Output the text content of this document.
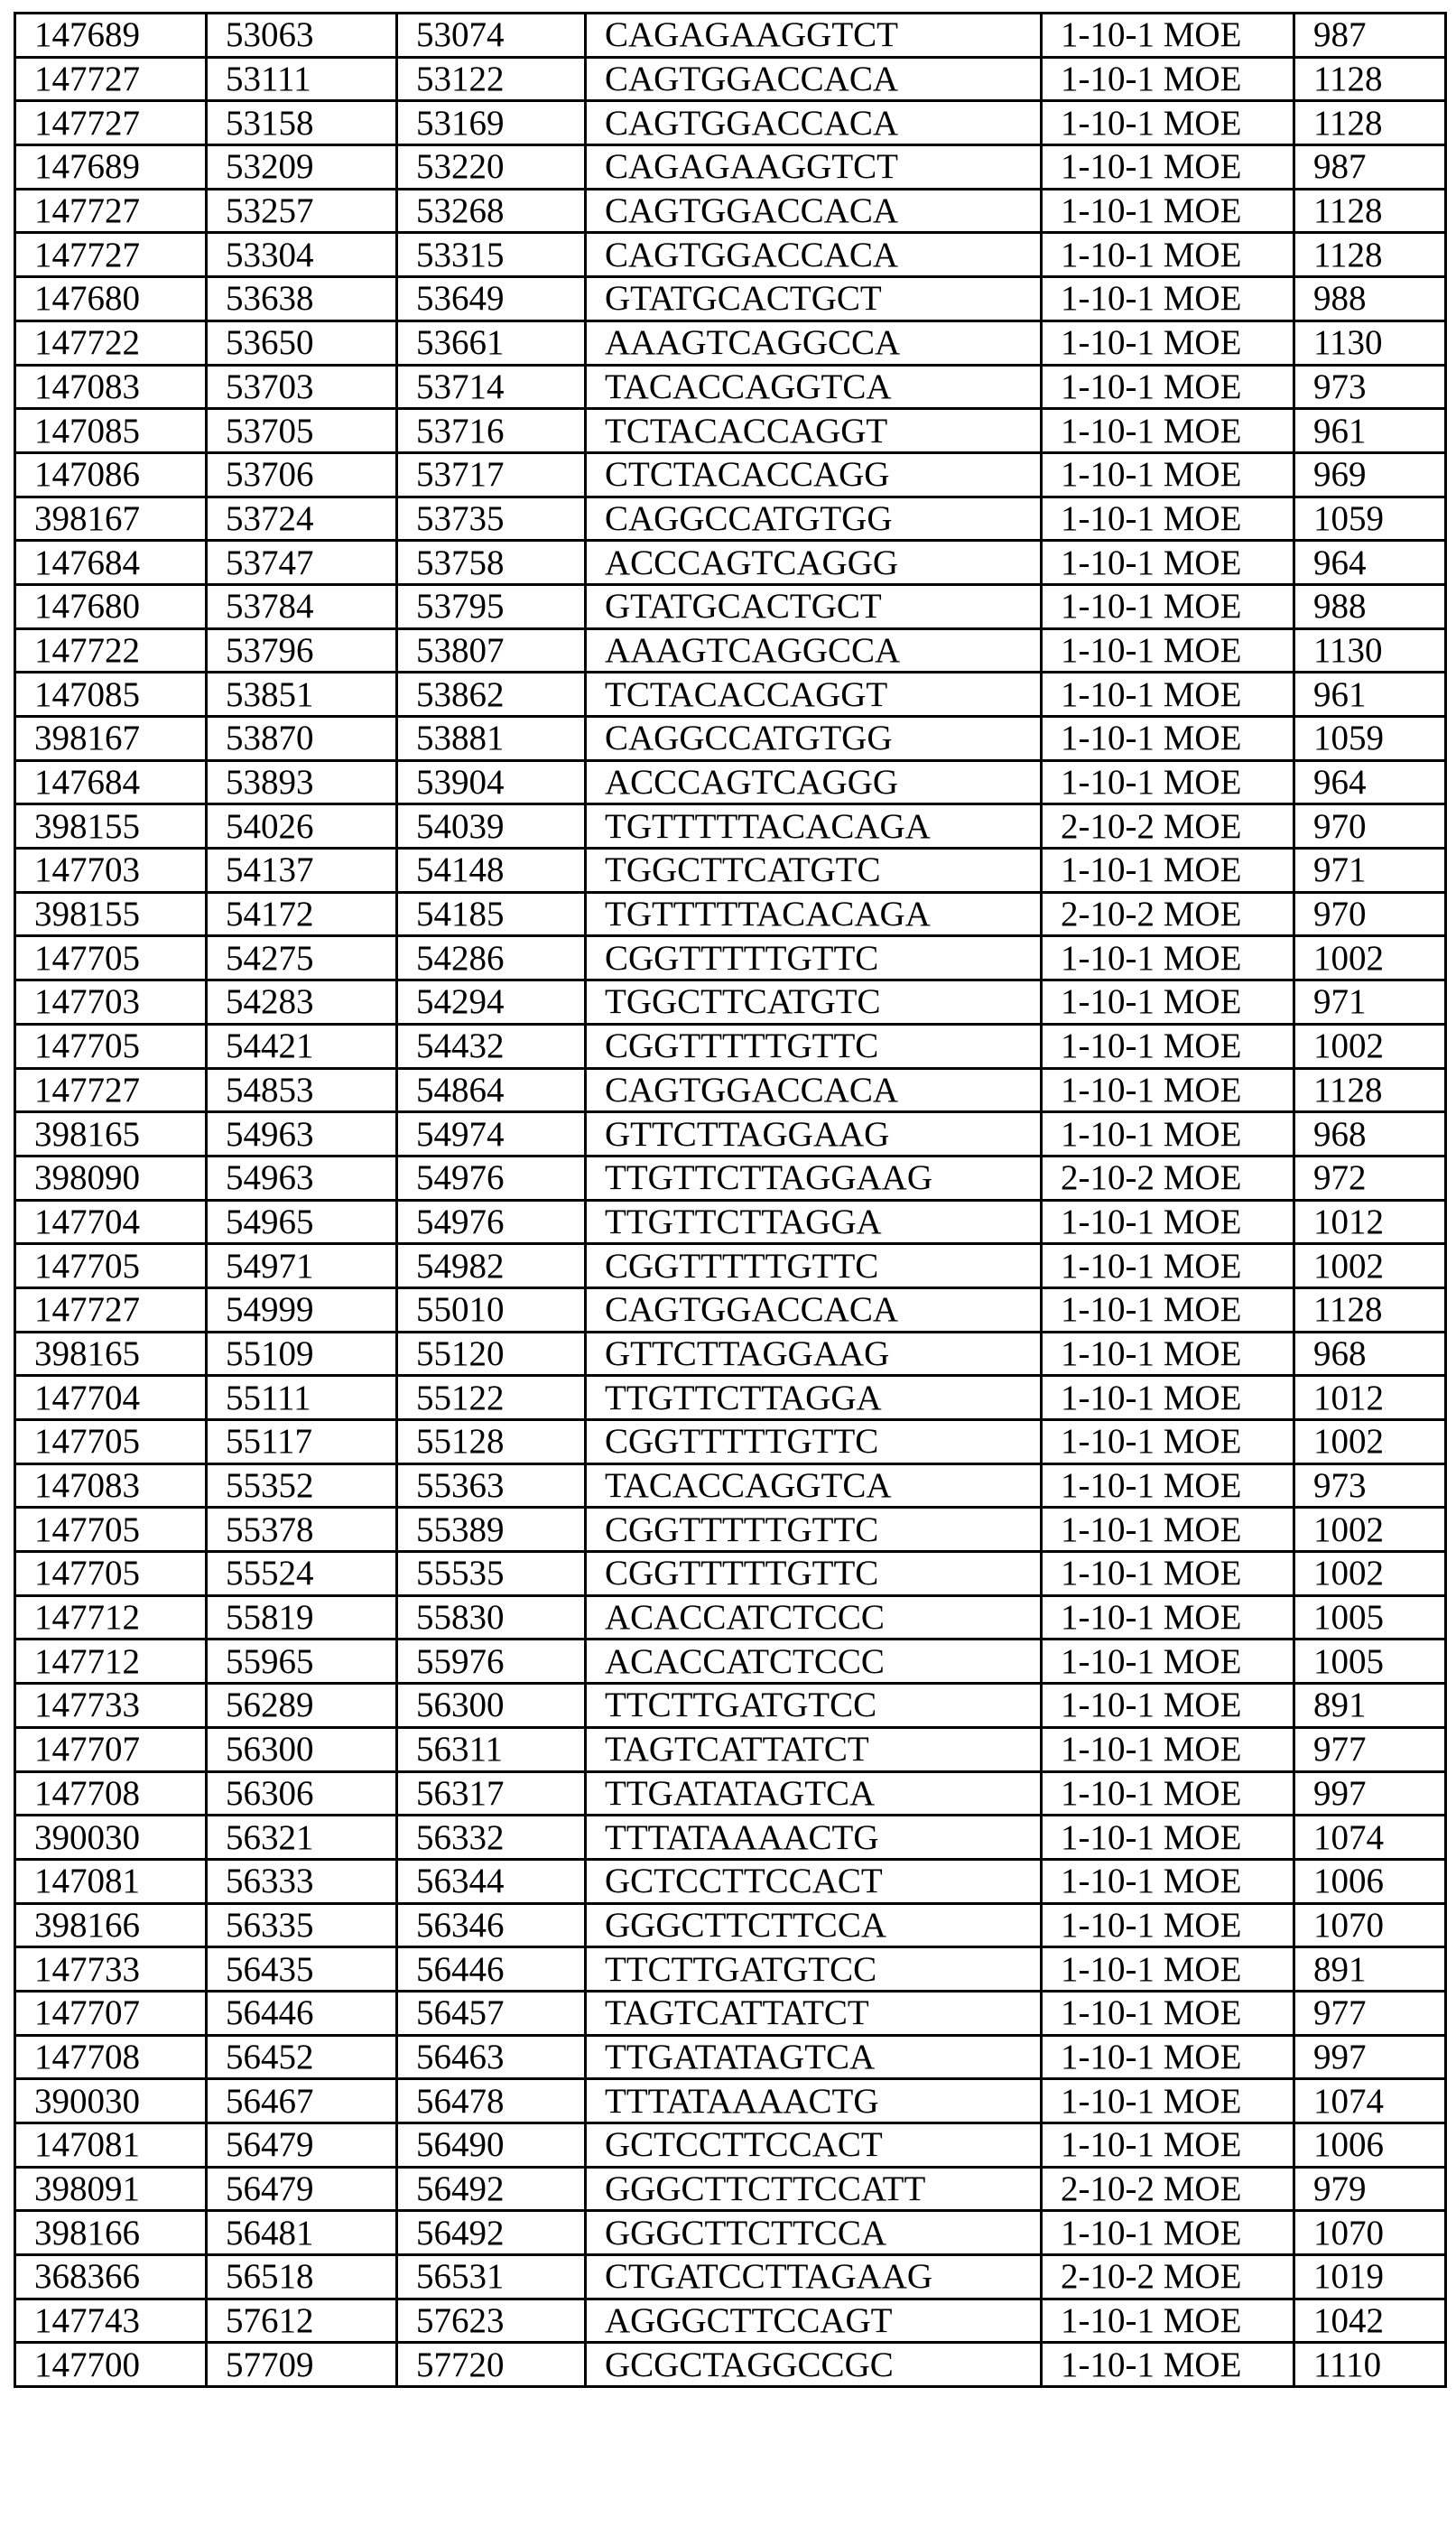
147689	53063	53074	CAGAGAAGGTCT	1-10-1 MOE	987
147727	53111	53122	CAGTGGACCACA	1-10-1 MOE	1128
147727	53158	53169	CAGTGGACCACA	1-10-1 MOE	1128
147689	53209	53220	CAGAGAAGGTCT	1-10-1 MOE	987
147727	53257	53268	CAGTGGACCACA	1-10-1 MOE	1128
147727	53304	53315	CAGTGGACCACA	1-10-1 MOE	1128
147680	53638	53649	GTATGCACTGCT	1-10-1 MOE	988
147722	53650	53661	AAAGTCAGGCCA	1-10-1 MOE	1130
147083	53703	53714	TACACCAGGTCA	1-10-1 MOE	973
147085	53705	53716	TCTACACCAGGT	1-10-1 MOE	961
147086	53706	53717	CTCTACACCAGG	1-10-1 MOE	969
398167	53724	53735	CAGGCCATGTGG	1-10-1 MOE	1059
147684	53747	53758	ACCCAGTCAGGG	1-10-1 MOE	964
147680	53784	53795	GTATGCACTGCT	1-10-1 MOE	988
147722	53796	53807	AAAGTCAGGCCA	1-10-1 MOE	1130
147085	53851	53862	TCTACACCAGGT	1-10-1 MOE	961
398167	53870	53881	CAGGCCATGTGG	1-10-1 MOE	1059
147684	53893	53904	ACCCAGTCAGGG	1-10-1 MOE	964
398155	54026	54039	TGTTTTTACACAGA	2-10-2 MOE	970
147703	54137	54148	TGGCTTCATGTC	1-10-1 MOE	971
398155	54172	54185	TGTTTTTACACAGA	2-10-2 MOE	970
147705	54275	54286	CGGTTTTTGTTC	1-10-1 MOE	1002
147703	54283	54294	TGGCTTCATGTC	1-10-1 MOE	971
147705	54421	54432	CGGTTTTTGTTC	1-10-1 MOE	1002
147727	54853	54864	CAGTGGACCACA	1-10-1 MOE	1128
398165	54963	54974	GTTCTTAGGAAG	1-10-1 MOE	968
398090	54963	54976	TTGTTCTTAGGAAG	2-10-2 MOE	972
147704	54965	54976	TTGTTCTTAGGA	1-10-1 MOE	1012
147705	54971	54982	CGGTTTTTGTTC	1-10-1 MOE	1002
147727	54999	55010	CAGTGGACCACA	1-10-1 MOE	1128
398165	55109	55120	GTTCTTAGGAAG	1-10-1 MOE	968
147704	55111	55122	TTGTTCTTAGGA	1-10-1 MOE	1012
147705	55117	55128	CGGTTTTTGTTC	1-10-1 MOE	1002
147083	55352	55363	TACACCAGGTCA	1-10-1 MOE	973
147705	55378	55389	CGGTTTTTGTTC	1-10-1 MOE	1002
147705	55524	55535	CGGTTTTTGTTC	1-10-1 MOE	1002
147712	55819	55830	ACACCATCTCCC	1-10-1 MOE	1005
147712	55965	55976	ACACCATCTCCC	1-10-1 MOE	1005
147733	56289	56300	TTCTTGATGTCC	1-10-1 MOE	891
147707	56300	56311	TAGTCATTATCT	1-10-1 MOE	977
147708	56306	56317	TTGATATAGTCA	1-10-1 MOE	997
390030	56321	56332	TTTATAAAACTG	1-10-1 MOE	1074
147081	56333	56344	GCTCCTTCCACT	1-10-1 MOE	1006
398166	56335	56346	GGGCTTCTTCCA	1-10-1 MOE	1070
147733	56435	56446	TTCTTGATGTCC	1-10-1 MOE	891
147707	56446	56457	TAGTCATTATCT	1-10-1 MOE	977
147708	56452	56463	TTGATATAGTCA	1-10-1 MOE	997
390030	56467	56478	TTTATAAAACTG	1-10-1 MOE	1074
147081	56479	56490	GCTCCTTCCACT	1-10-1 MOE	1006
398091	56479	56492	GGGCTTCTTCCATT	2-10-2 MOE	979
398166	56481	56492	GGGCTTCTTCCA	1-10-1 MOE	1070
368366	56518	56531	CTGATCCTTAGAAG	2-10-2 MOE	1019
147743	57612	57623	AGGGCTTCCAGT	1-10-1 MOE	1042
147700	57709	57720	GCGCTAGGCCGC	1-10-1 MOE	1110
